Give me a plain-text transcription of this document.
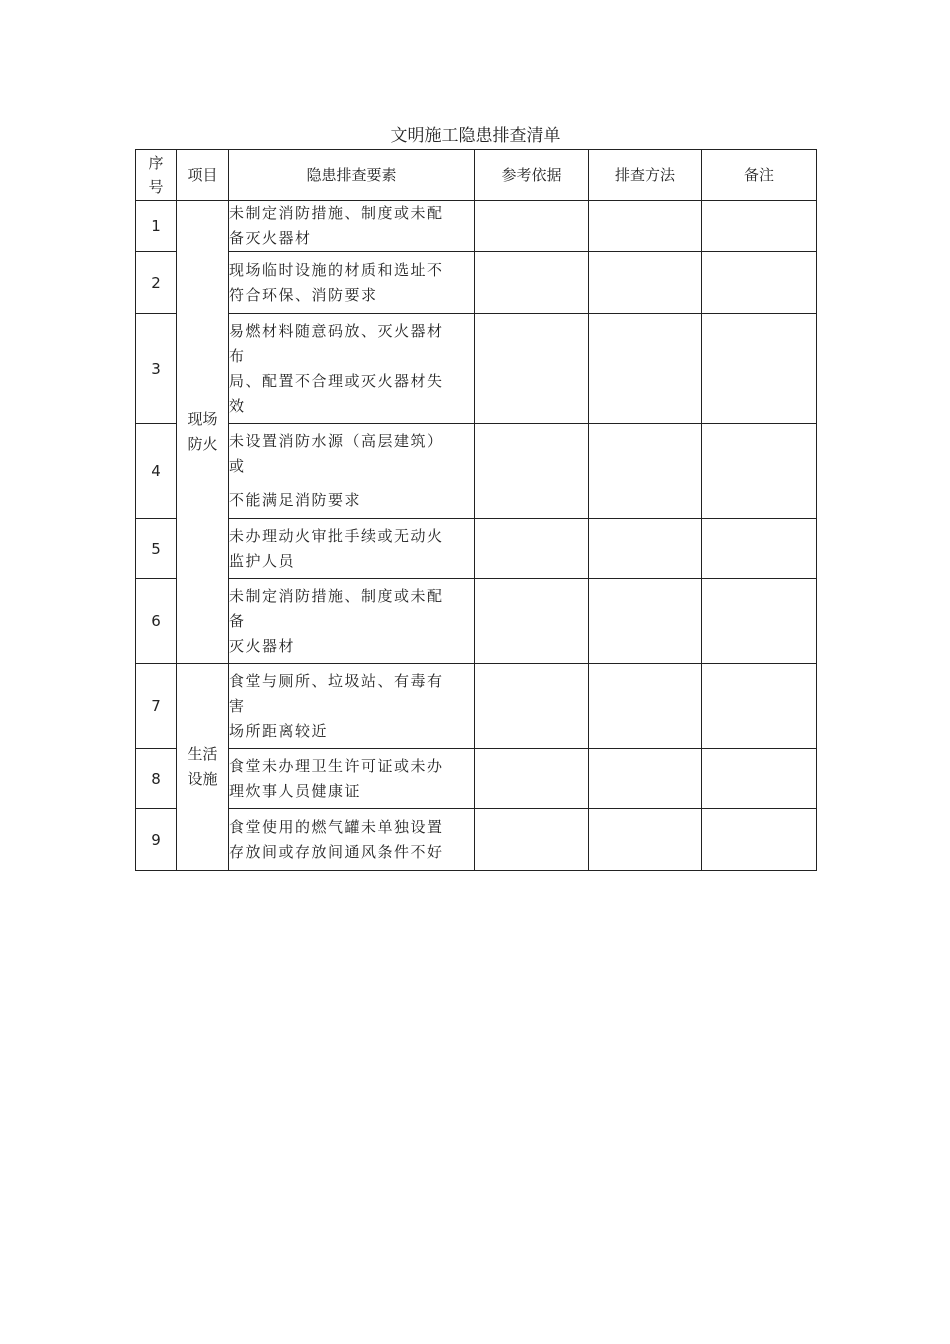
文明施工隐患排查清单
序
号	项目	隐患排查要素	参考依据	排查方法	备注
1	现场
防火	未制定消防措施、制度或未配
备灭火器材			

2		现场临时设施的材质和选址不
符合环保、消防要求			

3		易燃材料随意码放、灭火器材
布
局、配置不合理或灭火器材失
效			

4		未设置消防水源（高层建筑）
或
不能满足消防要求			

5		未办理动火审批手续或无动火
监护人员			

6		未制定消防措施、制度或未配
备
灭火器材			

7	生活
设施	食堂与厕所、垃圾站、有毒有
害
场所距离较近			

8		食堂未办理卫生许可证或未办
理炊事人员健康证			

9		食堂使用的燃气罐未单独设置
存放间或存放间通风条件不好			
